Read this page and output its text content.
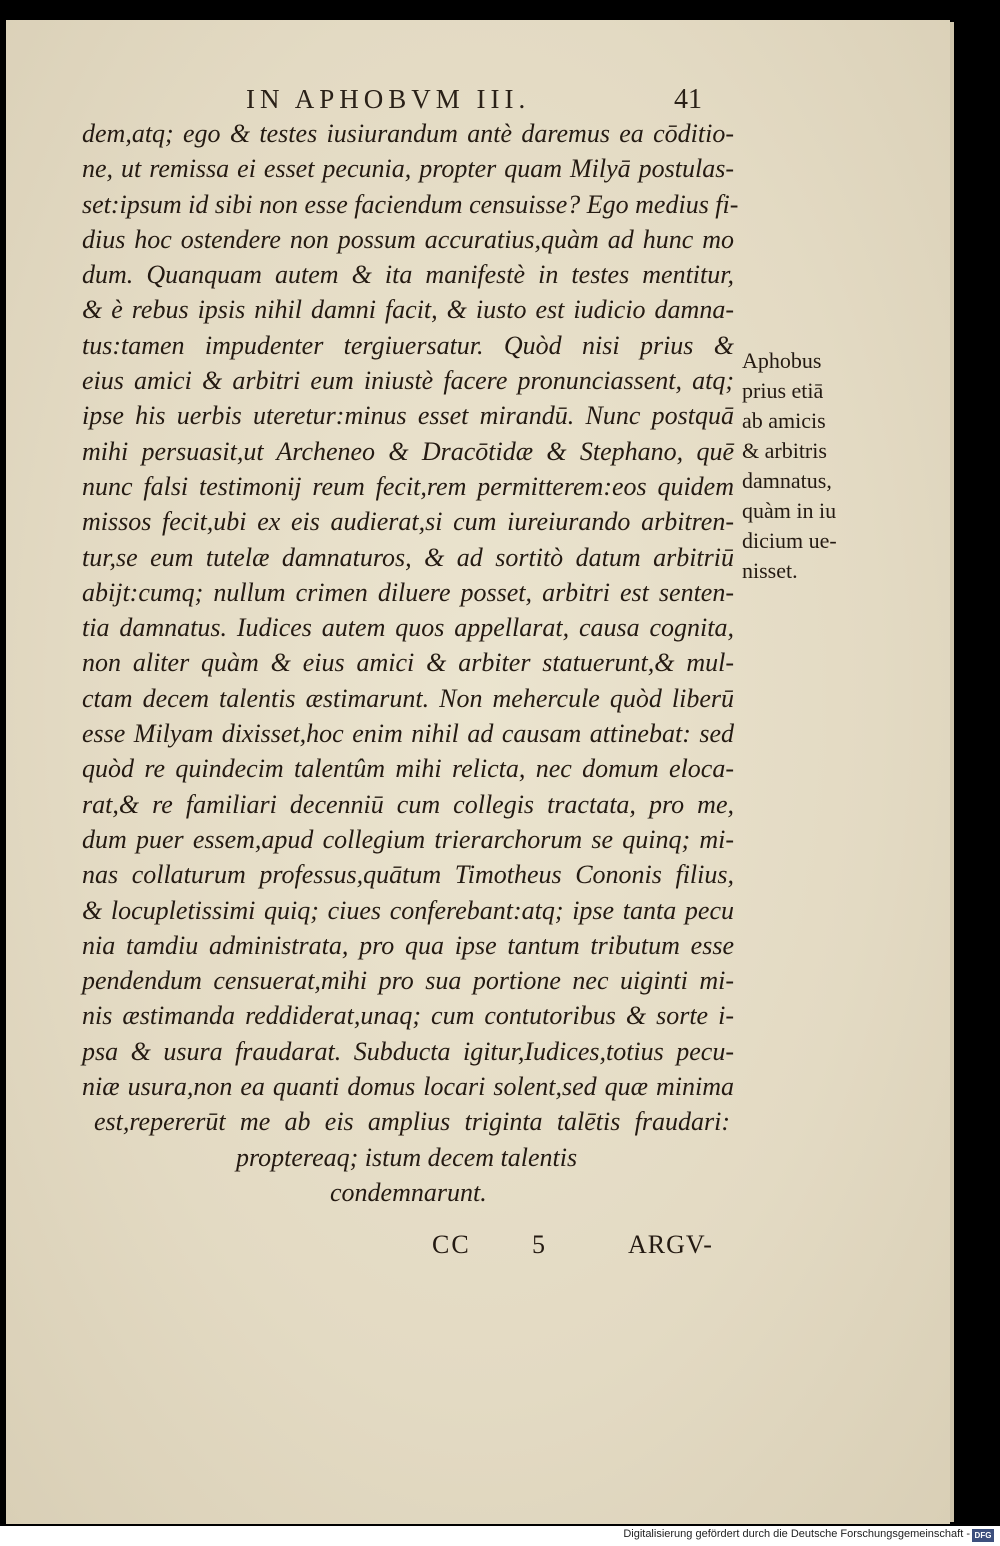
IN APHOBVM III.	41
dem,atq; ego & testes iusiurandum antè daremus ea cōditio-
ne, ut remissa ei esset pecunia, propter quam Milyā postulas-
set:ipsum id sibi non esse faciendum censuisse? Ego medius fi-
dius hoc ostendere non possum accuratius,quàm ad hunc mo
dum. Quanquam autem & ita manifestè in testes mentitur,
& è rebus ipsis nihil damni facit, & iusto est iudicio damna-
tus:tamen impudenter tergiuersatur. Quòd nisi prius &
eius amici & arbitri eum iniustè facere pronunciassent, atq;
ipse his uerbis uteretur:minus esset mirandū. Nunc postquā
mihi persuasit,ut Archeneo & Dracōtidæ & Stephano, quē
nunc falsi testimonij reum fecit,rem permitterem:eos quidem
missos fecit,ubi ex eis audierat,si cum iureiurando arbitren-
tur,se eum tutelæ damnaturos, & ad sortitò datum arbitriū
abijt:cumq; nullum crimen diluere posset, arbitri est senten-
tia damnatus. Iudices autem quos appellarat, causa cognita,
non aliter quàm & eius amici & arbiter statuerunt,& mul-
ctam decem talentis æstimarunt. Non mehercule quòd liberū
esse Milyam dixisset,hoc enim nihil ad causam attinebat: sed
quòd re quindecim talentûm mihi relicta, nec domum eloca-
rat,& re familiari decenniū cum collegis tractata, pro me,
dum puer essem,apud collegium trierarchorum se quinq; mi-
nas collaturum professus,quātum Timotheus Cononis filius,
& locupletissimi quiq; ciues conferebant:atq; ipse tanta pecu
nia tamdiu administrata, pro qua ipse tantum tributum esse
pendendum censuerat,mihi pro sua portione nec uiginti mi-
nis æstimanda reddiderat,unaq; cum contutoribus & sorte i-
psa & usura fraudarat. Subducta igitur,Iudices,totius pecu-
niæ usura,non ea quanti domus locari solent,sed quæ minima
est,repererūt me ab eis amplius triginta talētis fraudari:
proptereaq; istum decem talentis
condemnarunt.
Aphobus
prius etiā
ab amicis
& arbitris
damnatus,
quàm in iu
dicium ue-
nisset.
CC 5	ARGV-
Digitalisierung gefördert durch die Deutsche Forschungsgemeinschaft - DFG
